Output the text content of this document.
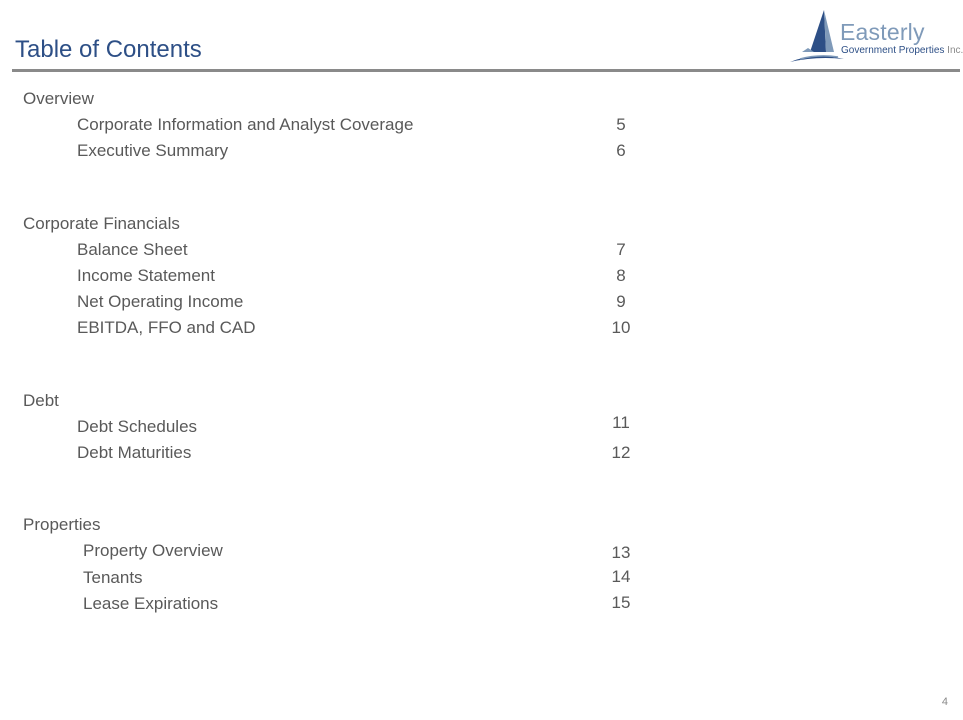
Table of Contents
Easterly
Government Properties Inc.
Overview
Corporate Information and Analyst Coverage	5
Executive Summary	6
Corporate Financials
Balance Sheet	7
Income Statement	8
Net Operating Income	9
EBITDA, FFO and CAD	10
Debt
Debt Schedules	11
Debt Maturities	12
Properties
Property Overview	13
Tenants	14
Lease Expirations	15
4
